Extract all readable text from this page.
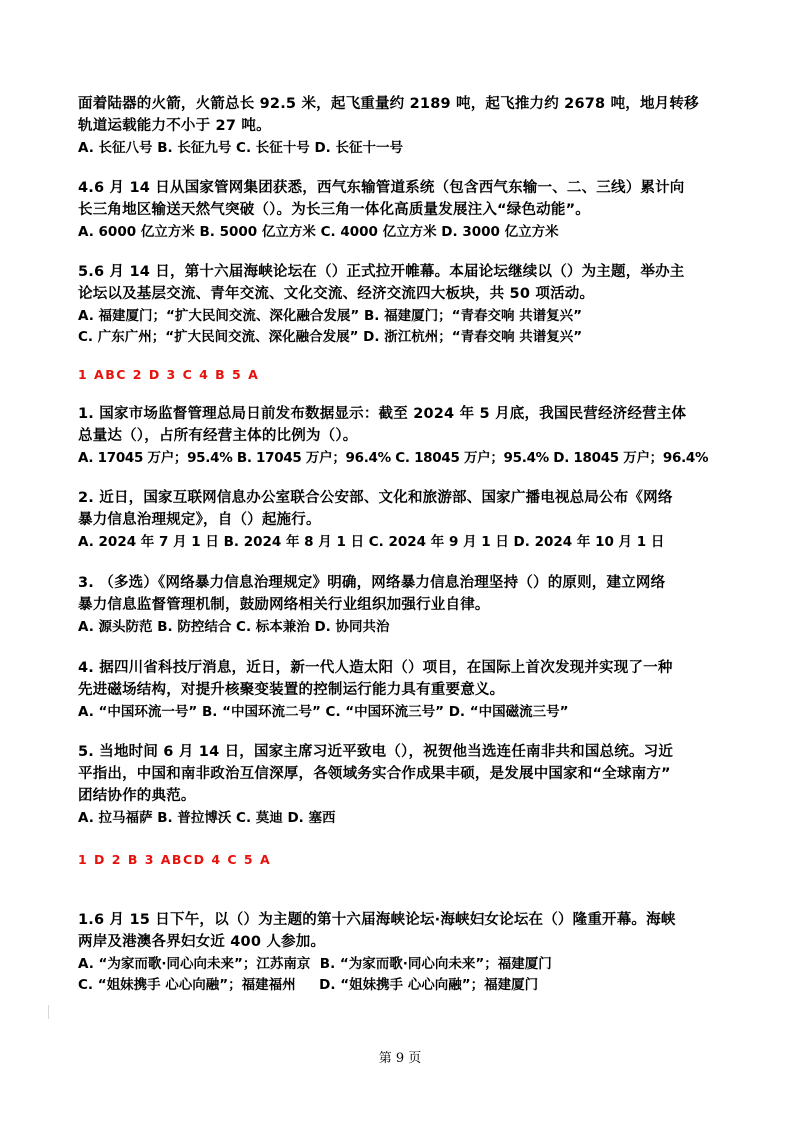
面着陆器的火箭，火箭总长 92.5 米，起飞重量约 2189 吨，起飞推力约 2678 吨，地月转移
轨道运载能力不小于 27 吨。
A. 长征八号 B. 长征九号 C. 长征十号 D. 长征十一号
4.6 月 14 日从国家管网集团获悉，西气东输管道系统（包含西气东输一、二、三线）累计向
长三角地区输送天然气突破（）。为长三角一体化高质量发展注入“绿色动能”。
A. 6000 亿立方米 B. 5000 亿立方米 C. 4000 亿立方米 D. 3000 亿立方米
5.6 月 14 日，第十六届海峡论坛在（）正式拉开帷幕。本届论坛继续以（）为主题，举办主
论坛以及基层交流、青年交流、文化交流、经济交流四大板块，共 50 项活动。
A. 福建厦门；“扩大民间交流、深化融合发展” B. 福建厦门；“青春交响 共谱复兴”
C. 广东广州；“扩大民间交流、深化融合发展” D. 浙江杭州；“青春交响 共谱复兴”
1 ABC 2 D 3 C 4 B 5 A
1. 国家市场监督管理总局日前发布数据显示：截至 2024 年 5 月底，我国民营经济经营主体
总量达（），占所有经营主体的比例为（）。
A. 17045 万户；95.4% B. 17045 万户；96.4% C. 18045 万户；95.4% D. 18045 万户；96.4%
2. 近日，国家互联网信息办公室联合公安部、文化和旅游部、国家广播电视总局公布《网络
暴力信息治理规定》，自（）起施行。
A. 2024 年 7 月 1 日 B. 2024 年 8 月 1 日 C. 2024 年 9 月 1 日 D. 2024 年 10 月 1 日
3. （多选）《网络暴力信息治理规定》明确，网络暴力信息治理坚持（）的原则，建立网络
暴力信息监督管理机制，鼓励网络相关行业组织加强行业自律。
A. 源头防范 B. 防控结合 C. 标本兼治 D. 协同共治
4. 据四川省科技厅消息，近日，新一代人造太阳（）项目，在国际上首次发现并实现了一种
先进磁场结构，对提升核聚变装置的控制运行能力具有重要意义。
A. “中国环流一号” B. “中国环流二号” C. “中国环流三号” D. “中国磁流三号”
5. 当地时间 6 月 14 日，国家主席习近平致电（），祝贺他当选连任南非共和国总统。习近
平指出，中国和南非政治互信深厚，各领域务实合作成果丰硕，是发展中国家和“全球南方”
团结协作的典范。
A. 拉马福萨 B. 普拉博沃 C. 莫迪 D. 塞西
1 D 2 B 3 ABCD 4 C 5 A
1.6 月 15 日下午，以（）为主题的第十六届海峡论坛·海峡妇女论坛在（）隆重开幕。海峡
两岸及港澳各界妇女近 400 人参加。
A. “为家而歌·同心向未来”；江苏南京  B. “为家而歌·同心向未来”；福建厦门
C. “姐妹携手 心心向融”；福建福州     D. “姐妹携手 心心向融”；福建厦门
第 9 页
